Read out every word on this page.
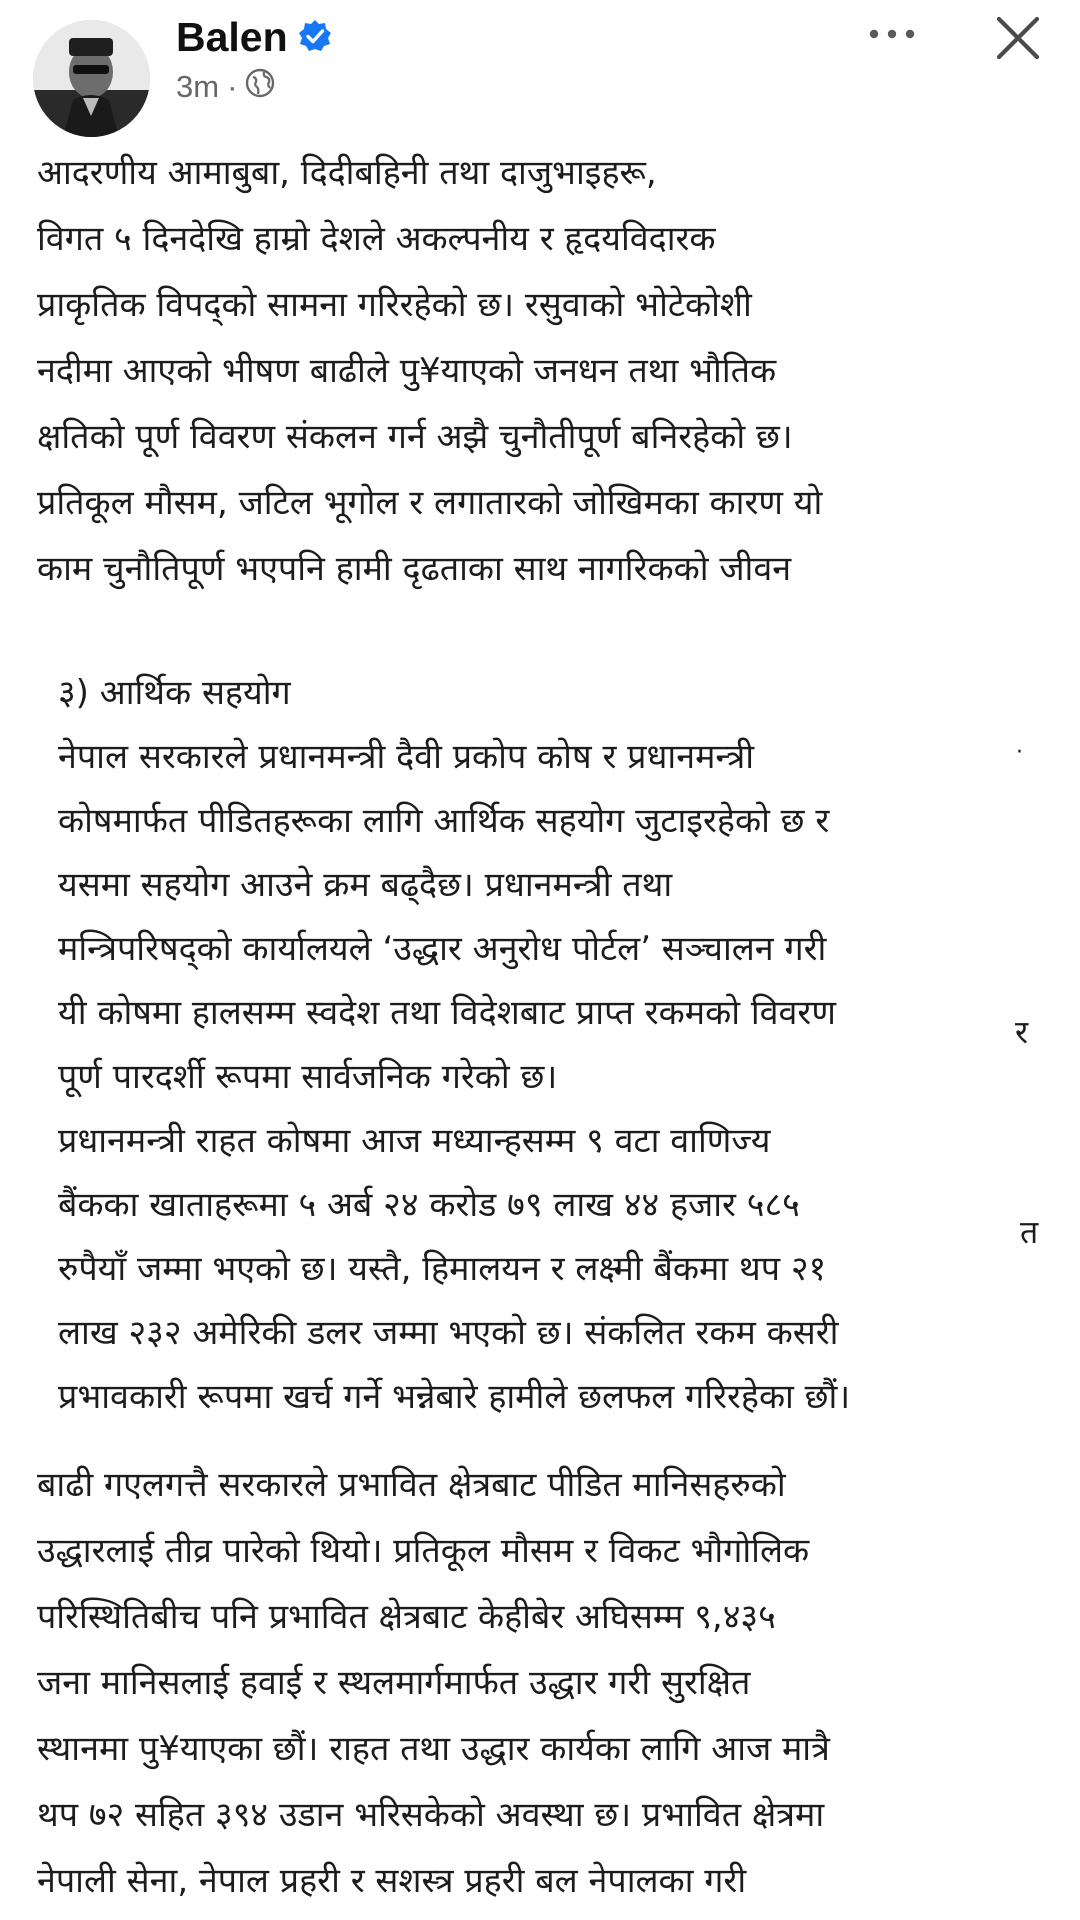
Balen
3m ·
आदरणीय आमाबुबा, दिदीबहिनी तथा दाजुभाइहरू,
विगत ५ दिनदेखि हाम्रो देशले अकल्पनीय र हृदयविदारक
प्राकृतिक विपद्को सामना गरिरहेको छ। रसुवाको भोटेकोशी
नदीमा आएको भीषण बाढीले पु¥याएको जनधन तथा भौतिक
क्षतिको पूर्ण विवरण संकलन गर्न अझै चुनौतीपूर्ण बनिरहेको छ।
प्रतिकूल मौसम, जटिल भूगोल र लगातारको जोखिमका कारण यो
काम चुनौतिपूर्ण भएपनि हामी दृढताका साथ नागरिकको जीवन
३) आर्थिक सहयोग
नेपाल सरकारले प्रधानमन्त्री दैवी प्रकोप कोष र प्रधानमन्त्री
कोषमार्फत पीडितहरूका लागि आर्थिक सहयोग जुटाइरहेको छ र
यसमा सहयोग आउने क्रम बढ्दैछ। प्रधानमन्त्री तथा
मन्त्रिपरिषद्को कार्यालयले ‘उद्धार अनुरोध पोर्टल’ सञ्चालन गरी
यी कोषमा हालसम्म स्वदेश तथा विदेशबाट प्राप्त रकमको विवरण
पूर्ण पारदर्शी रूपमा सार्वजनिक गरेको छ।
प्रधानमन्त्री राहत कोषमा आज मध्यान्हसम्म ९ वटा वाणिज्य
बैंकका खाताहरूमा ५ अर्ब २४ करोड ७९ लाख ४४ हजार ५८५
रुपैयाँ जम्मा भएको छ। यस्तै, हिमालयन र लक्ष्मी बैंकमा थप २१
लाख २३२ अमेरिकी डलर जम्मा भएको छ। संकलित रकम कसरी
प्रभावकारी रूपमा खर्च गर्ने भन्नेबारे हामीले छलफल गरिरहेका छौं।
·
र
त
बाढी गएलगत्तै सरकारले प्रभावित क्षेत्रबाट पीडित मानिसहरुको
उद्धारलाई तीव्र पारेको थियो। प्रतिकूल मौसम र विकट भौगोलिक
परिस्थितिबीच पनि प्रभावित क्षेत्रबाट केहीबेर अघिसम्म ९,४३५
जना मानिसलाई हवाई र स्थलमार्गमार्फत उद्धार गरी सुरक्षित
स्थानमा पु¥याएका छौं। राहत तथा उद्धार कार्यका लागि आज मात्रै
थप ७२ सहित ३९४ उडान भरिसकेको अवस्था छ। प्रभावित क्षेत्रमा
नेपाली सेना, नेपाल प्रहरी र सशस्त्र प्रहरी बल नेपालका गरी
